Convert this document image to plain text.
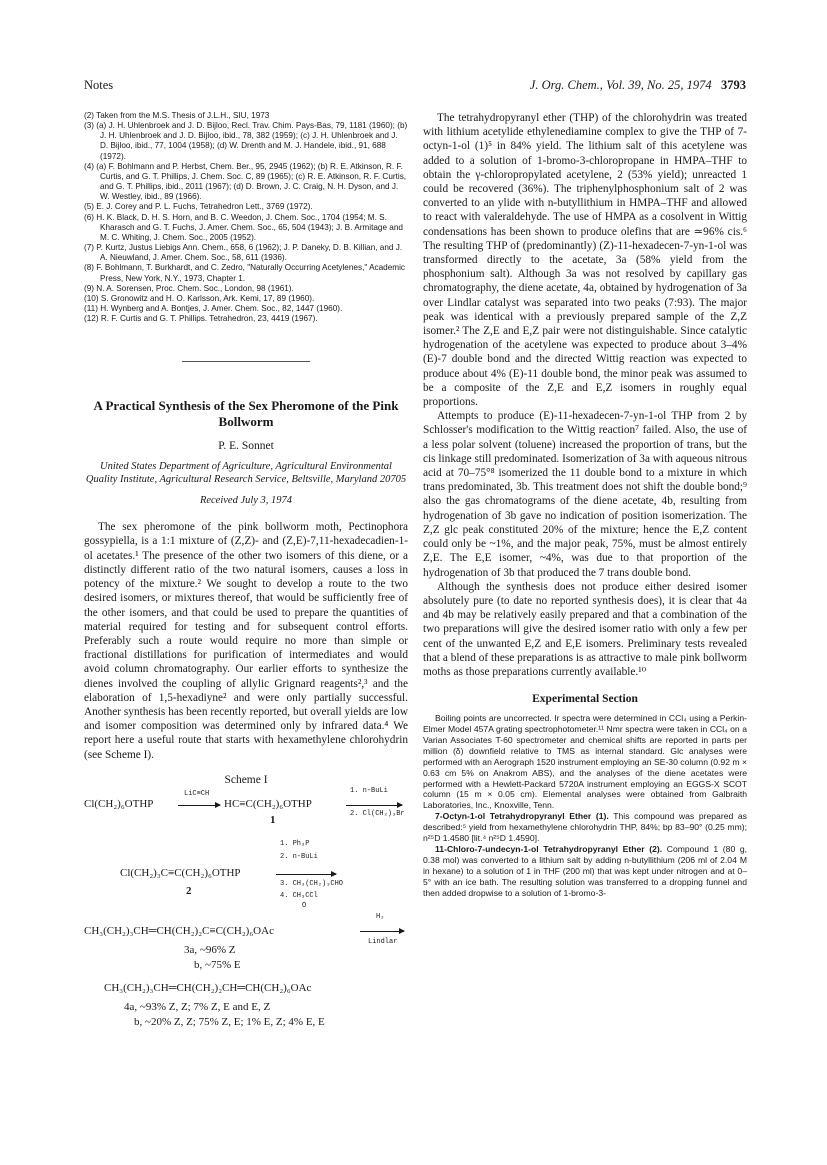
Notes	J. Org. Chem., Vol. 39, No. 25, 1974 3793
(2) Taken from the M.S. Thesis of J.L.H., SIU, 1973
(3) (a) J. H. Uhlenbroek and J. D. Bijloo, Recl. Trav. Chim. Pays-Bas, 79, 1181 (1960); (b) J. H. Uhlenbroek and J. D. Bijloo, ibid., 78, 382 (1959); (c) J. H. Uhlenbroek and J. D. Bijloo, ibid., 77, 1004 (1958); (d) W. Drenth and M. J. Handele, ibid., 91, 688 (1972).
(4) (a) F. Bohlmann and P. Herbst, Chem. Ber., 95, 2945 (1962); (b) R. E. Atkinson, R. F. Curtis, and G. T. Phillips, J. Chem. Soc. C, 89 (1965); (c) R. E. Atkinson, R. F. Curtis, and G. T. Phillips, ibid., 2011 (1967); (d) D. Brown, J. C. Craig, N. H. Dyson, and J. W. Westley, ibid., 89 (1966).
(5) E. J. Corey and P. L. Fuchs, Tetrahedron Lett., 3769 (1972).
(6) H. K. Black, D. H. S. Horn, and B. C. Weedon, J. Chem. Soc., 1704 (1954; M. S. Kharasch and G. T. Fuchs, J. Amer. Chem. Soc., 65, 504 (1943); J. B. Armitage and M. C. Whiting, J. Chem. Soc., 2005 (1952).
(7) P. Kurtz, Justus Liebigs Ann. Chem., 658, 6 (1962); J. P. Daneky, D. B. Killian, and J. A. Nieuwland, J. Amer. Chem. Soc., 58, 611 (1936).
(8) F. Bohlmann, T. Burkhardt, and C. Zedro, "Naturally Occurring Acetylenes," Academic Press, New York, N.Y., 1973, Chapter 1.
(9) N. A. Sorensen, Proc. Chem. Soc., London, 98 (1961).
(10) S. Gronowitz and H. O. Karlsson, Ark. Kemi, 17, 89 (1960).
(11) H. Wynberg and A. Bontjes, J. Amer. Chem. Soc., 82, 1447 (1960).
(12) R. F. Curtis and G. T. Phillips. Tetrahedron, 23, 4419 (1967).
A Practical Synthesis of the Sex Pheromone of the Pink Bollworm
P. E. Sonnet

United States Department of Agriculture, Agricultural Environmental Quality Institute, Agricultural Research Service, Beltsville, Maryland 20705

Received July 3, 1974

The sex pheromone of the pink bollworm moth, Pectinophora gossypiella, is a 1:1 mixture of (Z,Z)- and (Z,E)-7,11-hexadecadien-1-ol acetates.¹ The presence of the other two isomers of this diene, or a distinctly different ratio of the two natural isomers, causes a loss in potency of the mixture.² We sought to develop a route to the two desired isomers, or mixtures thereof, that would be sufficiently free of the other isomers, and that could be used to prepare the quantities of material required for testing and for subsequent control efforts. Preferably such a route would require no more than simple or fractional distillations for purification of intermediates and would avoid column chromatography. Our earlier efforts to synthesize the dienes involved the coupling of allylic Grignard reagents²,³ and the elaboration of 1,5-hexadiyne² and were only partially successful. Another synthesis has been recently reported, but overall yields are low and isomer composition was determined only by infrared data.⁴ We report here a useful route that starts with hexamethylene chlorohydrin (see Scheme I).

Scheme I
Cl(CH₂)₆OTHP
LiC≡CH
HC≡C(CH₂)₆OTHP
1
1. n-BuLi
2. Cl(CH₂)₃Br
1. Ph₃P
2. n-BuLi
Cl(CH₂)₃C≡C(CH₂)₆OTHP
3. CH₃(CH₂)₃CHO
2	4. CH₃CCl
O
H₂
CH₃(CH₂)₃CH═CH(CH₂)₂C≡C(CH₂)₆OAc
Lindlar
3a, ~96% Z
b, ~75% E
CH₃(CH₂)₃CH═CH(CH₂)₂CH═CH(CH₂)₆OAc
4a, ~93% Z, Z; 7% Z, E and E, Z
b, ~20% Z, Z; 75% Z, E; 1% E, Z; 4% E, E

The tetrahydropyranyl ether (THP) of the chlorohydrin was treated with lithium acetylide ethylenediamine complex to give the THP of 7-octyn-1-ol (1)⁵ in 84% yield. The lithium salt of this acetylene was added to a solution of 1-bromo-3-chloropropane in HMPA–THF to obtain the γ-chloropropylated acetylene, 2 (53% yield); unreacted 1 could be recovered (36%). The triphenylphosphonium salt of 2 was converted to an ylide with n-butyllithium in HMPA–THF and allowed to react with valeraldehyde. The use of HMPA as a cosolvent in Wittig condensations has been shown to produce olefins that are ≃96% cis.⁶ The resulting THP of (predominantly) (Z)-11-hexadecen-7-yn-1-ol was transformed directly to the acetate, 3a (58% yield from the phosphonium salt). Although 3a was not resolved by capillary gas chromatography, the diene acetate, 4a, obtained by hydrogenation of 3a over Lindlar catalyst was separated into two peaks (7:93). The major peak was identical with a previously prepared sample of the Z,Z isomer.² The Z,E and E,Z pair were not distinguishable. Since catalytic hydrogenation of the acetylene was expected to produce about 3–4% (E)-7 double bond and the directed Wittig reaction was expected to produce about 4% (E)-11 double bond, the minor peak was assumed to be a composite of the Z,E and E,Z isomers in roughly equal proportions.

Attempts to produce (E)-11-hexadecen-7-yn-1-ol THP from 2 by Schlosser's modification to the Wittig reaction⁷ failed. Also, the use of a less polar solvent (toluene) increased the proportion of trans, but the cis linkage still predominated. Isomerization of 3a with aqueous nitrous acid at 70–75°⁸ isomerized the 11 double bond to a mixture in which trans predominated, 3b. This treatment does not shift the double bond;⁹ also the gas chromatograms of the diene acetate, 4b, resulting from hydrogenation of 3b gave no indication of position isomerization. The Z,Z glc peak constituted 20% of the mixture; hence the E,Z content could only be ~1%, and the major peak, 75%, must be almost entirely Z,E. The E,E isomer, ~4%, was due to that proportion of the hydrogenation of 3b that produced the 7 trans double bond.

Although the synthesis does not produce either desired isomer absolutely pure (to date no reported synthesis does), it is clear that 4a and 4b may be relatively easily prepared and that a combination of the two preparations will give the desired isomer ratio with only a few per cent of the unwanted E,Z and E,E isomers. Preliminary tests revealed that a blend of these preparations is as attractive to male pink bollworm moths as those preparations currently available.¹⁰

Experimental Section

Boiling points are uncorrected. Ir spectra were determined in CCl₄ using a Perkin-Elmer Model 457A grating spectrophotometer.¹¹ Nmr spectra were taken in CCl₄ on a Varian Associates T-60 spectrometer and chemical shifts are reported in parts per million (δ) downfield relative to TMS as internal standard. Glc analyses were performed with an Aerograph 1520 instrument employing an SE-30 column (0.92 m × 0.63 cm 5% on Anakrom ABS), and the analyses of the diene acetates were performed with a Hewlett-Packard 5720A instrument employing an EGGS-X SCOT column (15 m × 0.05 cm). Elemental analyses were obtained from Galbraith Laboratories, Inc., Knoxville, Tenn.

7-Octyn-1-ol Tetrahydropyranyl Ether (1). This compound was prepared as described:⁵ yield from hexamethylene chlorohydrin THP, 84%; bp 83–90° (0.25 mm); n²⁵D 1.4580 [lit.⁴ n²⁵D 1.4590].

11-Chloro-7-undecyn-1-ol Tetrahydropyranyl Ether (2). Compound 1 (80 g, 0.38 mol) was converted to a lithium salt by adding n-butyllithium (206 ml of 2.04 M in hexane) to a solution of 1 in THF (200 ml) that was kept under nitrogen and at 0–5° with an ice bath. The resulting solution was transferred to a dropping funnel and then added dropwise to a solution of 1-bromo-3-
